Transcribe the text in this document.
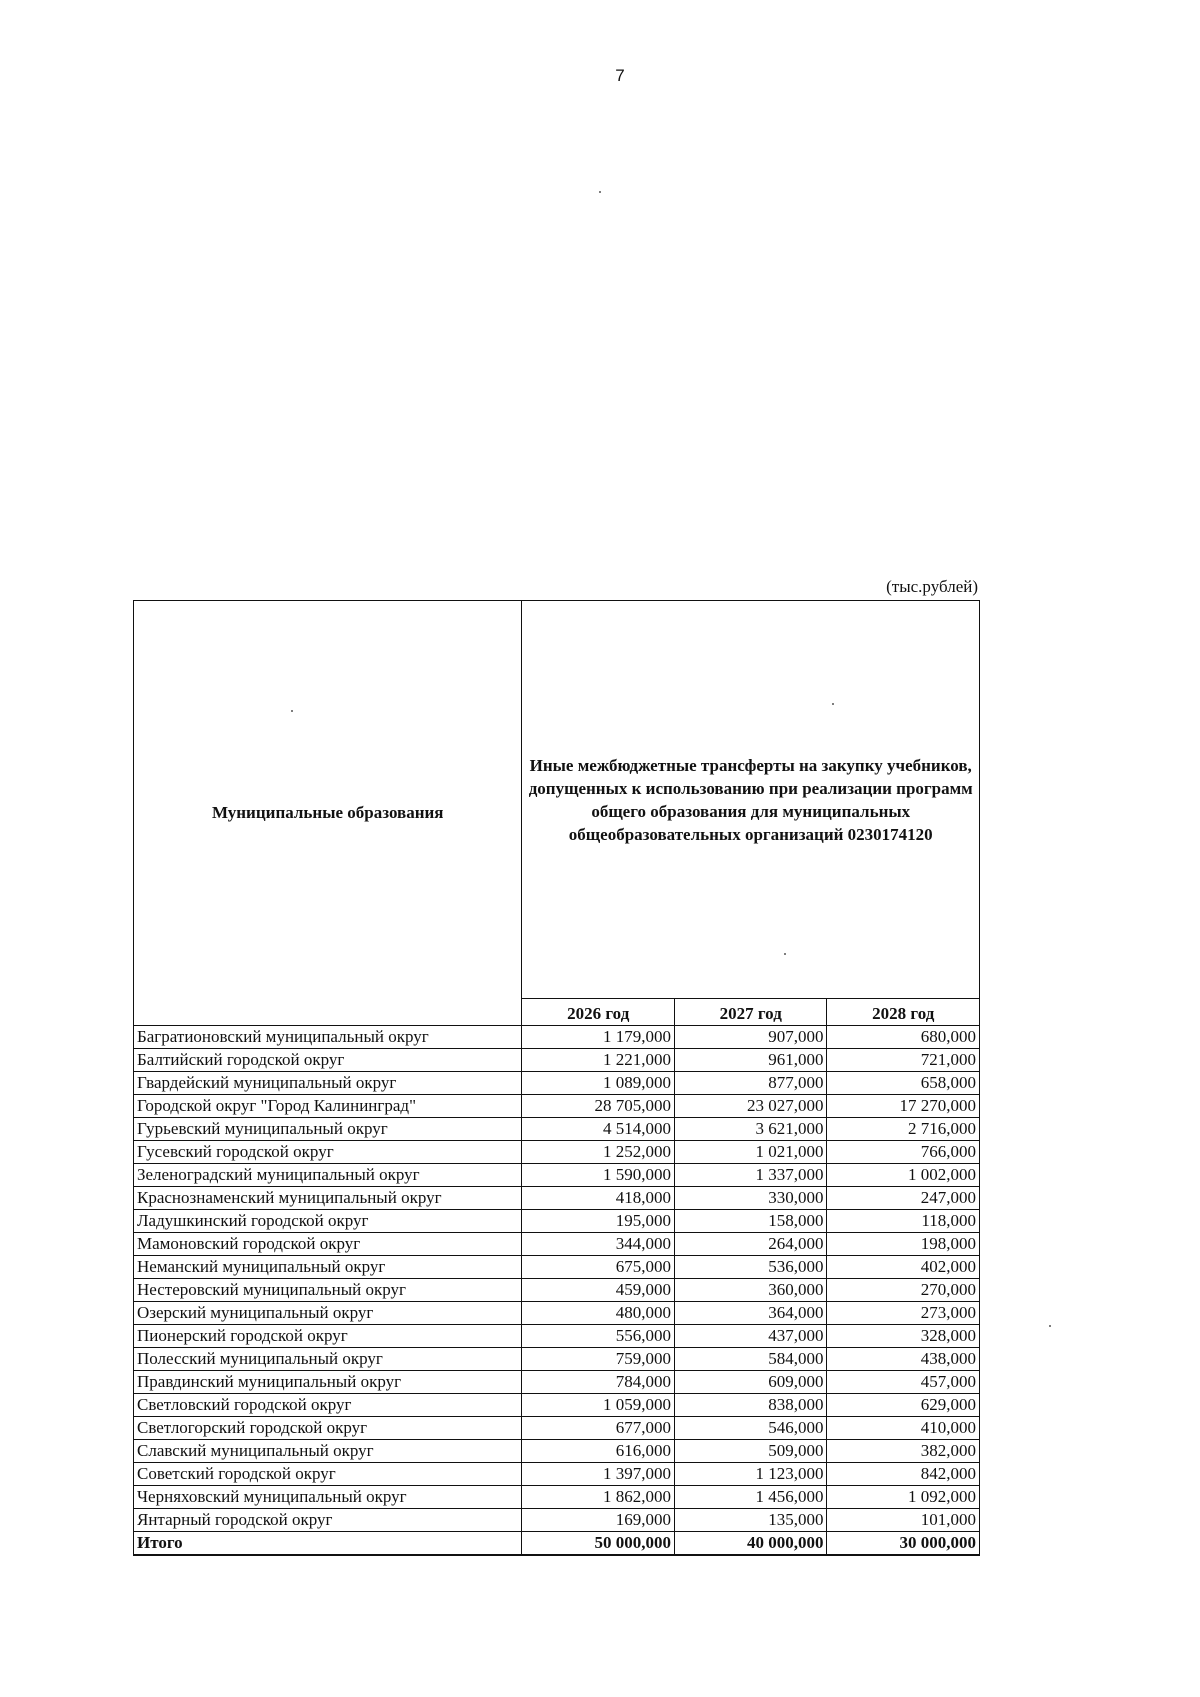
7
(тыс.рублей)
Муниципальные образования	Иные межбюджетные трансферты на закупку учебников, допущенных к использованию при реализации программ общего образования для муниципальных общеобразовательных организаций 0230174120		
	2026 год	2027 год	2028 год
Багратионовский муниципальный округ	1 179,000	907,000	680,000
Балтийский городской округ	1 221,000	961,000	721,000
Гвардейский муниципальный округ	1 089,000	877,000	658,000
Городской округ "Город Калининград"	28 705,000	23 027,000	17 270,000
Гурьевский муниципальный округ	4 514,000	3 621,000	2 716,000
Гусевский городской округ	1 252,000	1 021,000	766,000
Зеленоградский муниципальный округ	1 590,000	1 337,000	1 002,000
Краснознаменский муниципальный округ	418,000	330,000	247,000
Ладушкинский городской округ	195,000	158,000	118,000
Мамоновский городской округ	344,000	264,000	198,000
Неманский муниципальный округ	675,000	536,000	402,000
Нестеровский муниципальный округ	459,000	360,000	270,000
Озерский муниципальный округ	480,000	364,000	273,000
Пионерский городской округ	556,000	437,000	328,000
Полесский муниципальный округ	759,000	584,000	438,000
Правдинский муниципальный округ	784,000	609,000	457,000
Светловский городской округ	1 059,000	838,000	629,000
Светлогорский городской округ	677,000	546,000	410,000
Славский муниципальный округ	616,000	509,000	382,000
Советский городской округ	1 397,000	1 123,000	842,000
Черняховский муниципальный округ	1 862,000	1 456,000	1 092,000
Янтарный городской округ	169,000	135,000	101,000
Итого	50 000,000	40 000,000	30 000,000
